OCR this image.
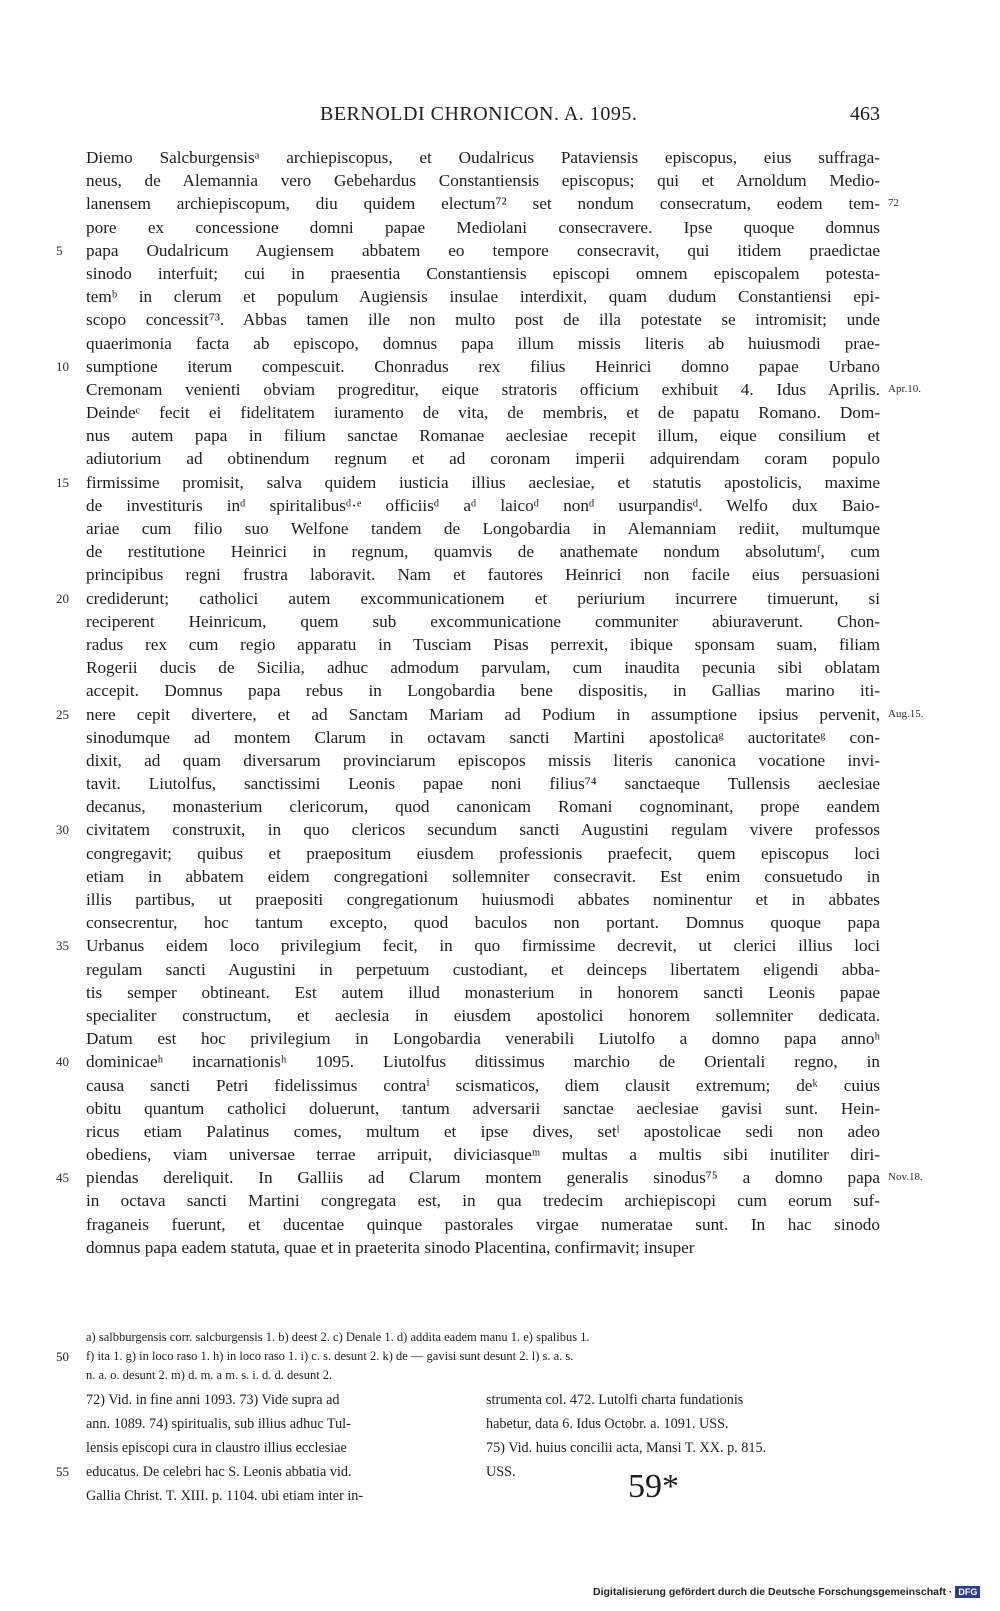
BERNOLDI CHRONICON. A. 1095.	463
Diemo Salcburgensisᵃ archiepiscopus, et Oudalricus Pataviensis episcopus, eius suffraga-
neus, de Alemannia vero Gebehardus Constantiensis episcopus; qui et Arnoldum Medio-
lanensem archiepiscopum, diu quidem electum⁷² set nondum consecratum, eodem tem- 72
pore ex concessione domni papae Mediolani consecravere. Ipse quoque domnus
papa Oudalricum Augiensem abbatem eo tempore consecravit, qui itidem praedictae
5
sinodo interfuit; cui in praesentia Constantiensis episcopi omnem episcopalem potesta-
temᵇ in clerum et populum Augiensis insulae interdixit, quam dudum Constantiensi epi-
scopo concessit⁷³. Abbas tamen ille non multo post de illa potestate se intromisit; unde
quaerimonia facta ab episcopo, domnus papa illum missis literis ab huiusmodi prae-
sumptione iterum compescuit. Chonradus rex filius Heinrici domno papae Urbano
10
Cremonam venienti obviam progreditur, eique stratoris officium exhibuit 4. Idus Aprilis. Apr.10.
Deindeᶜ fecit ei fidelitatem iuramento de vita, de membris, et de papatu Romano. Dom-
nus autem papa in filium sanctae Romanae aeclesiae recepit illum, eique consilium et
adiutorium ad obtinendum regnum et ad coronam imperii adquirendam coram populo
firmissime promisit, salva quidem iusticia illius aeclesiae, et statutis apostolicis, maxime
15
de investituris inᵈ spiritalibusᵈ·ᵉ officiisᵈ aᵈ laicoᵈ nonᵈ usurpandisᵈ. Welfo dux Baio-
ariae cum filio suo Welfone tandem de Longobardia in Alemanniam rediit, multumque
de restitutione Heinrici in regnum, quamvis de anathemate nondum absolutumᶠ, cum
principibus regni frustra laboravit. Nam et fautores Heinrici non facile eius persuasioni
crediderunt; catholici autem excommunicationem et periurium incurrere timuerunt, si
20
reciperent Heinricum, quem sub excommunicatione communiter abiuraverunt. Chon-
radus rex cum regio apparatu in Tusciam Pisas perrexit, ibique sponsam suam, filiam
Rogerii ducis de Sicilia, adhuc admodum parvulam, cum inaudita pecunia sibi oblatam
accepit. Domnus papa rebus in Longobardia bene dispositis, in Gallias marino iti-
nere cepit divertere, et ad Sanctam Mariam ad Podium in assumptione ipsius pervenit,
25	Aug.15.
sinodumque ad montem Clarum in octavam sancti Martini apostolicaᵍ auctoritateᵍ con-
dixit, ad quam diversarum provinciarum episcopos missis literis canonica vocatione invi-
tavit. Liutolfus, sanctissimi Leonis papae noni filius⁷⁴ sanctaeque Tullensis aeclesiae
decanus, monasterium clericorum, quod canonicam Romani cognominant, prope eandem
civitatem construxit, in quo clericos secundum sancti Augustini regulam vivere professos
30
congregavit; quibus et praepositum eiusdem professionis praefecit, quem episcopus loci
etiam in abbatem eidem congregationi sollemniter consecravit. Est enim consuetudo in
illis partibus, ut praepositi congregationum huiusmodi abbates nominentur et in abbates
consecrentur, hoc tantum excepto, quod baculos non portant. Domnus quoque papa
Urbanus eidem loco privilegium fecit, in quo firmissime decrevit, ut clerici illius loci
35
regulam sancti Augustini in perpetuum custodiant, et deinceps libertatem eligendi abba-
tis semper obtineant. Est autem illud monasterium in honorem sancti Leonis papae
specialiter constructum, et aeclesia in eiusdem apostolici honorem sollemniter dedicata.
Datum est hoc privilegium in Longobardia venerabili Liutolfo a domno papa annoʰ
dominicaeʰ incarnationisʰ 1095. Liutolfus ditissimus marchio de Orientali regno, in
40
causa sancti Petri fidelissimus contraⁱ scismaticos, diem clausit extremum; deᵏ cuius
obitu quantum catholici doluerunt, tantum adversarii sanctae aeclesiae gavisi sunt. Hein-
ricus etiam Palatinus comes, multum et ipse dives, setˡ apostolicae sedi non adeo
obediens, viam universae terrae arripuit, diviciasqueᵐ multas a multis sibi inutiliter diri-
piendas dereliquit. In Galliis ad Clarum montem generalis sinodus⁷⁵ a domno papa
45	Nov.18.
in octava sancti Martini congregata est, in qua tredecim archiepiscopi cum eorum suf-
fraganeis fuerunt, et ducentae quinque pastorales virgae numeratae sunt. In hac sinodo
domnus papa eadem statuta, quae et in praeterita sinodo Placentina, confirmavit; insuper
a) salbburgensis corr. salcburgensis 1. b) deest 2. c) Denale 1. d) addita eadem manu 1. e) spalibus 1.
f) ita 1. g) in loco raso 1. h) in loco raso 1. i) c. s. desunt 2. k) de — gavisi sunt desunt 2. l) s. a. s.
50
n. a. o. desunt 2. m) d. m. a m. s. i. d. d. desunt 2.
72) Vid. in fine anni 1093. 73) Vide supra ad
ann. 1089. 74) spiritualis, sub illius adhuc Tul-
lensis episcopi cura in claustro illius ecclesiae
educatus. De celebri hac S. Leonis abbatia vid.
55
Gallia Christ. T. XIII. p. 1104. ubi etiam inter in-
strumenta col. 472. Lutolfi charta fundationis
habetur, data 6. Idus Octobr. a. 1091. USS.
75) Vid. huius concilii acta, Mansi T. XX. p. 815.
USS.	59*
Digitalisierung gefördert durch die Deutsche Forschungsgemeinschaft · DFG
